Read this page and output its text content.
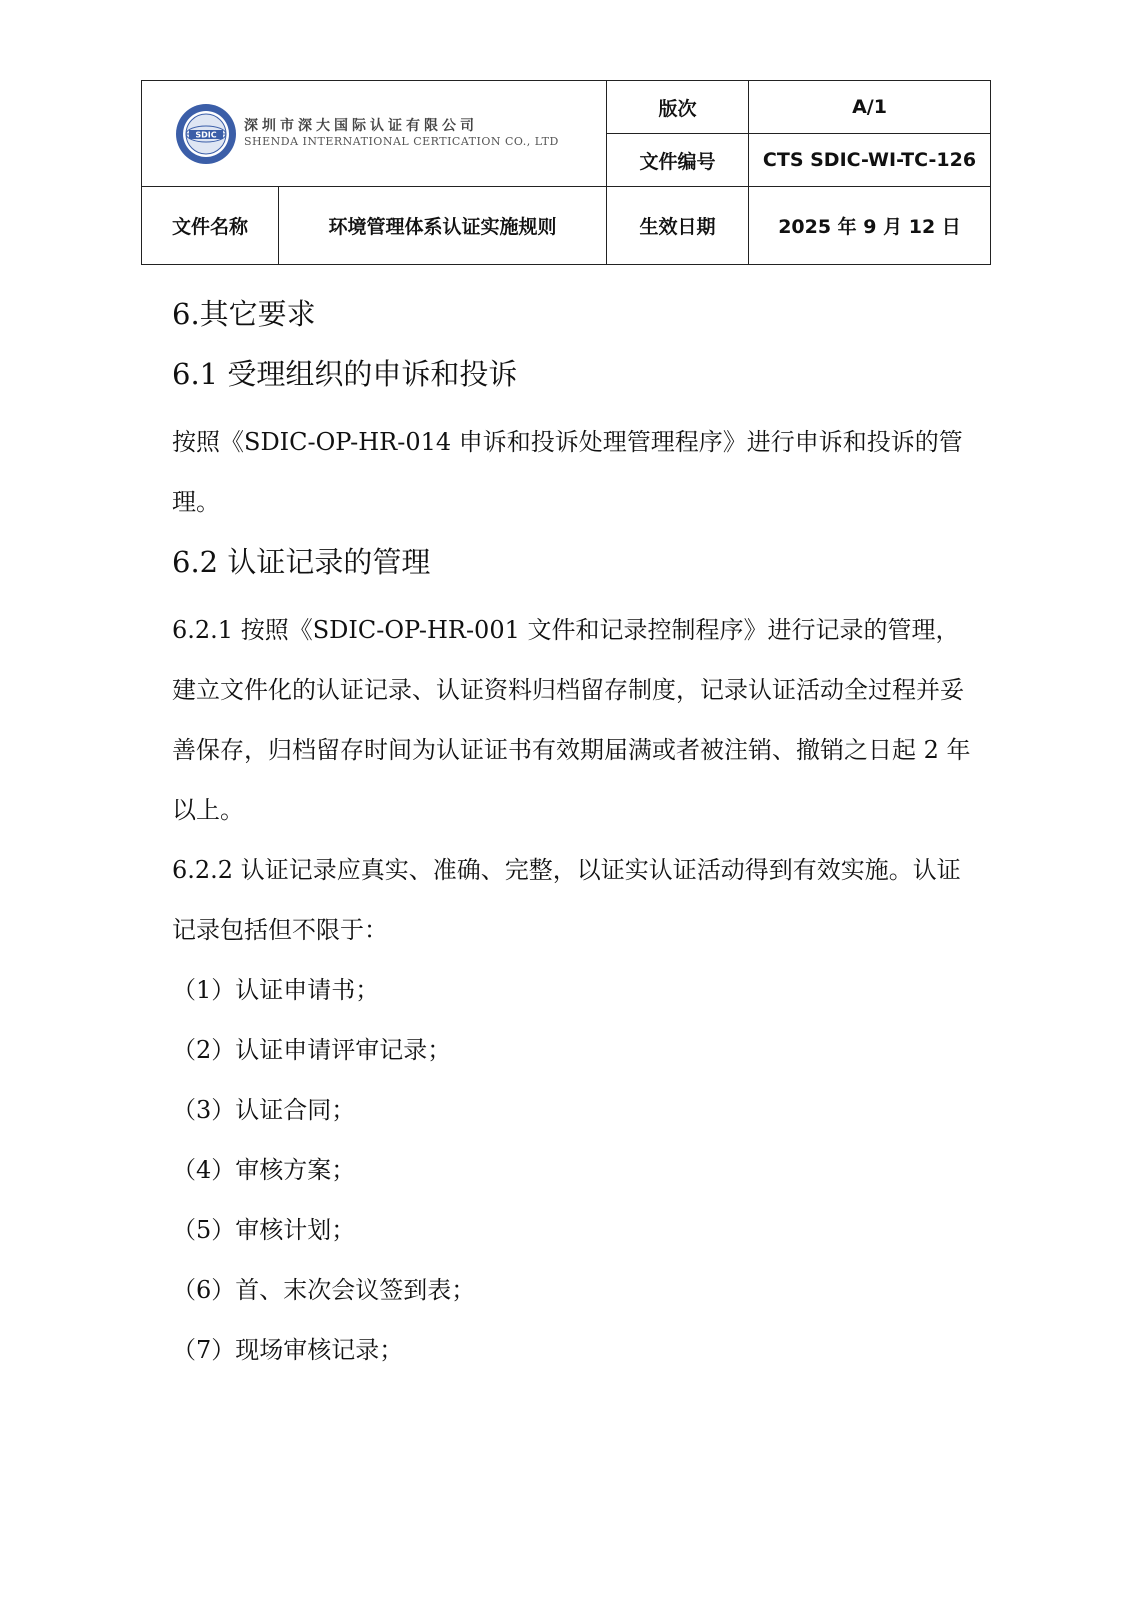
SDIC
深圳市深大国际认证有限公司
SHENDA INTERNATIONAL CERTICATION CO., LTD		版次	A/1
		文件编号	CTS SDIC-WI-TC-126
文件名称	环境管理体系认证实施规则	生效日期	2025 年 9 月 12 日
6.其它要求
6.1 受理组织的申诉和投诉

按照《SDIC-OP-HR-014 申诉和投诉处理管理程序》进行申诉和投诉的管理。

6.2 认证记录的管理

6.2.1 按照《SDIC-OP-HR-001 文件和记录控制程序》进行记录的管理，建立文件化的认证记录、认证资料归档留存制度，记录认证活动全过程并妥善保存，归档留存时间为认证证书有效期届满或者被注销、撤销之日起 2 年以上。

6.2.2 认证记录应真实、准确、完整，以证实认证活动得到有效实施。认证记录包括但不限于：

（1）认证申请书；
（2）认证申请评审记录；
（3）认证合同；
（4）审核方案；
（5）审核计划；
（6）首、末次会议签到表；
（7）现场审核记录；
